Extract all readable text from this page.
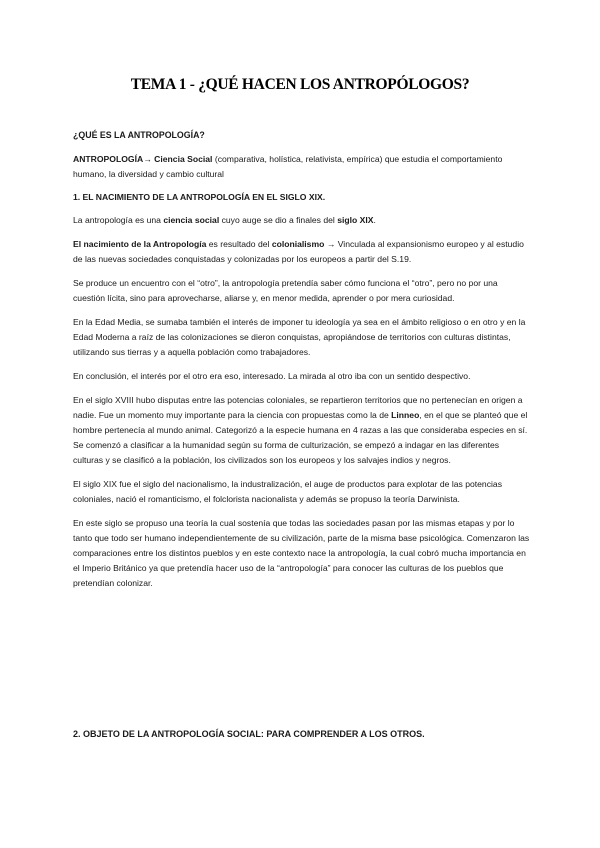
TEMA 1 - ¿QUÉ HACEN LOS ANTROPÓLOGOS?

¿QUÉ ES LA ANTROPOLOGÍA?

ANTROPOLOGÍA→ Ciencia Social (comparativa, holística, relativista, empírica) que estudia el comportamiento humano, la diversidad y cambio cultural

1. EL NACIMIENTO DE LA ANTROPOLOGÍA EN EL SIGLO XIX.

La antropología es una ciencia social cuyo auge se dio a finales del siglo XIX.

El nacimiento de la Antropología es resultado del colonialismo → Vinculada al expansionismo europeo y al estudio de las nuevas sociedades conquistadas y colonizadas por los europeos a partir del S.19.

Se produce un encuentro con el “otro”, la antropología pretendía saber cómo funciona el “otro”, pero no por una cuestión lícita, sino para aprovecharse, aliarse y, en menor medida, aprender o por mera curiosidad.

En la Edad Media, se sumaba también el interés de imponer tu ideología ya sea en el ámbito religioso o en otro y en la Edad Moderna a raíz de las colonizaciones se dieron conquistas, apropiándose de territorios con culturas distintas, utilizando sus tierras y a aquella población como trabajadores.

En conclusión, el interés por el otro era eso, interesado. La mirada al otro iba con un sentido despectivo.

En el siglo XVIII hubo disputas entre las potencias coloniales, se repartieron territorios que no pertenecían en origen a nadie. Fue un momento muy importante para la ciencia con propuestas como la de Linneo, en el que se planteó que el hombre pertenecía al mundo animal. Categorizó a la especie humana en 4 razas a las que consideraba especies en sí. Se comenzó a clasificar a la humanidad según su forma de culturización, se empezó a indagar en las diferentes culturas y se clasificó a la población, los civilizados son los europeos y los salvajes indios y negros.

El siglo XIX fue el siglo del nacionalismo, la industralización, el auge de productos para explotar de las potencias coloniales, nació el romanticismo, el folclorista nacionalista y además se propuso la teoría Darwinista.

En este siglo se propuso una teoría la cual sostenía que todas las sociedades pasan por las mismas etapas y por lo tanto que todo ser humano independientemente de su civilización, parte de la misma base psicológica. Comenzaron las comparaciones entre los distintos pueblos y en este contexto nace la antropología, la cual cobró mucha importancia en el Imperio Británico ya que pretendía hacer uso de la “antropología” para conocer las culturas de los pueblos que pretendían colonizar.

2. OBJETO DE LA ANTROPOLOGÍA SOCIAL: PARA COMPRENDER A LOS OTROS.
